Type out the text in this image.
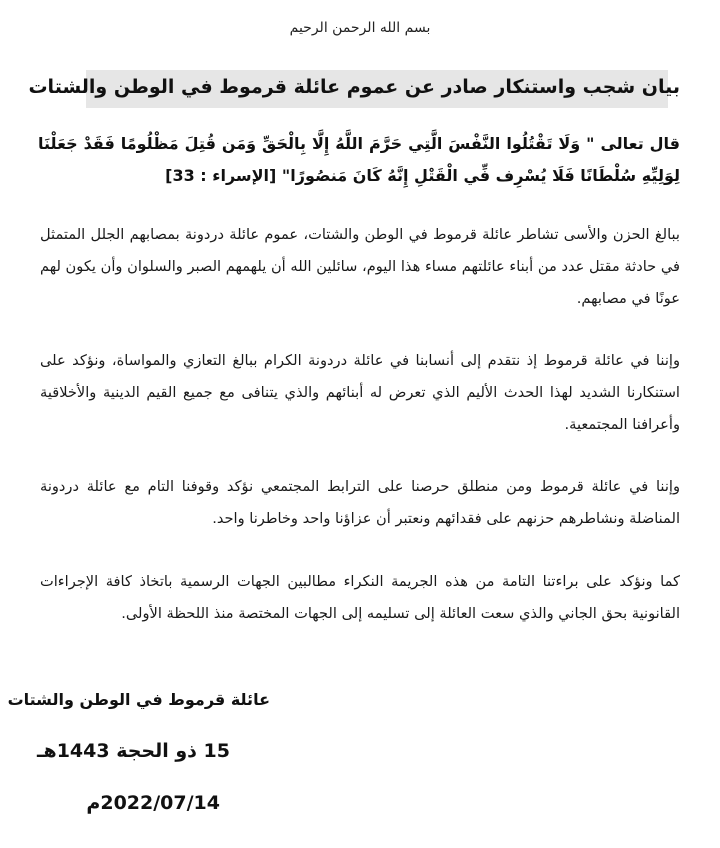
بسم الله الرحمن الرحيم
بيان شجب واستنكار صادر عن عموم عائلة قرموط في الوطن والشتات
قال تعالى " وَلَا تَقْتُلُوا النَّفْسَ الَّتِي حَرَّمَ اللَّهُ إِلَّا بِالْحَقِّ وَمَن قُتِلَ مَظْلُومًا فَقَدْ جَعَلْنَا لِوَلِيِّهِ سُلْطَانًا فَلَا يُسْرِف فِّي الْقَتْلِ إِنَّهُ كَانَ مَنصُورًا" [الإسراء : 33]
ببالغ الحزن والأسى تشاطر عائلة قرموط في الوطن والشتات، عموم عائلة دردونة بمصابهم الجلل المتمثل في حادثة مقتل عدد من أبناء عائلتهم مساء هذا اليوم، سائلين الله أن يلهمهم الصبر والسلوان وأن يكون لهم عونًا في مصابهم.
وإننا في عائلة قرموط إذ نتقدم إلى أنسابنا في عائلة دردونة الكرام ببالغ التعازي والمواساة، ونؤكد على استنكارنا الشديد لهذا الحدث الأليم الذي تعرض له أبنائهم والذي يتنافى مع جميع القيم الدينية والأخلاقية وأعرافنا المجتمعية.
وإننا في عائلة قرموط ومن منطلق حرصنا على الترابط المجتمعي نؤكد وقوفنا التام مع عائلة دردونة المناضلة ونشاطرهم حزنهم على فقدائهم ونعتبر أن عزاؤنا واحد وخاطرنا واحد.
كما ونؤكد على براءتنا التامة من هذه الجريمة النكراء مطالبين الجهات الرسمية باتخاذ كافة الإجراءات القانونية بحق الجاني والذي سعت العائلة إلى تسليمه إلى الجهات المختصة منذ اللحظة الأولى.
عائلة قرموط في الوطن والشتات
15 ذو الحجة 1443هـ
2022/07/14م
